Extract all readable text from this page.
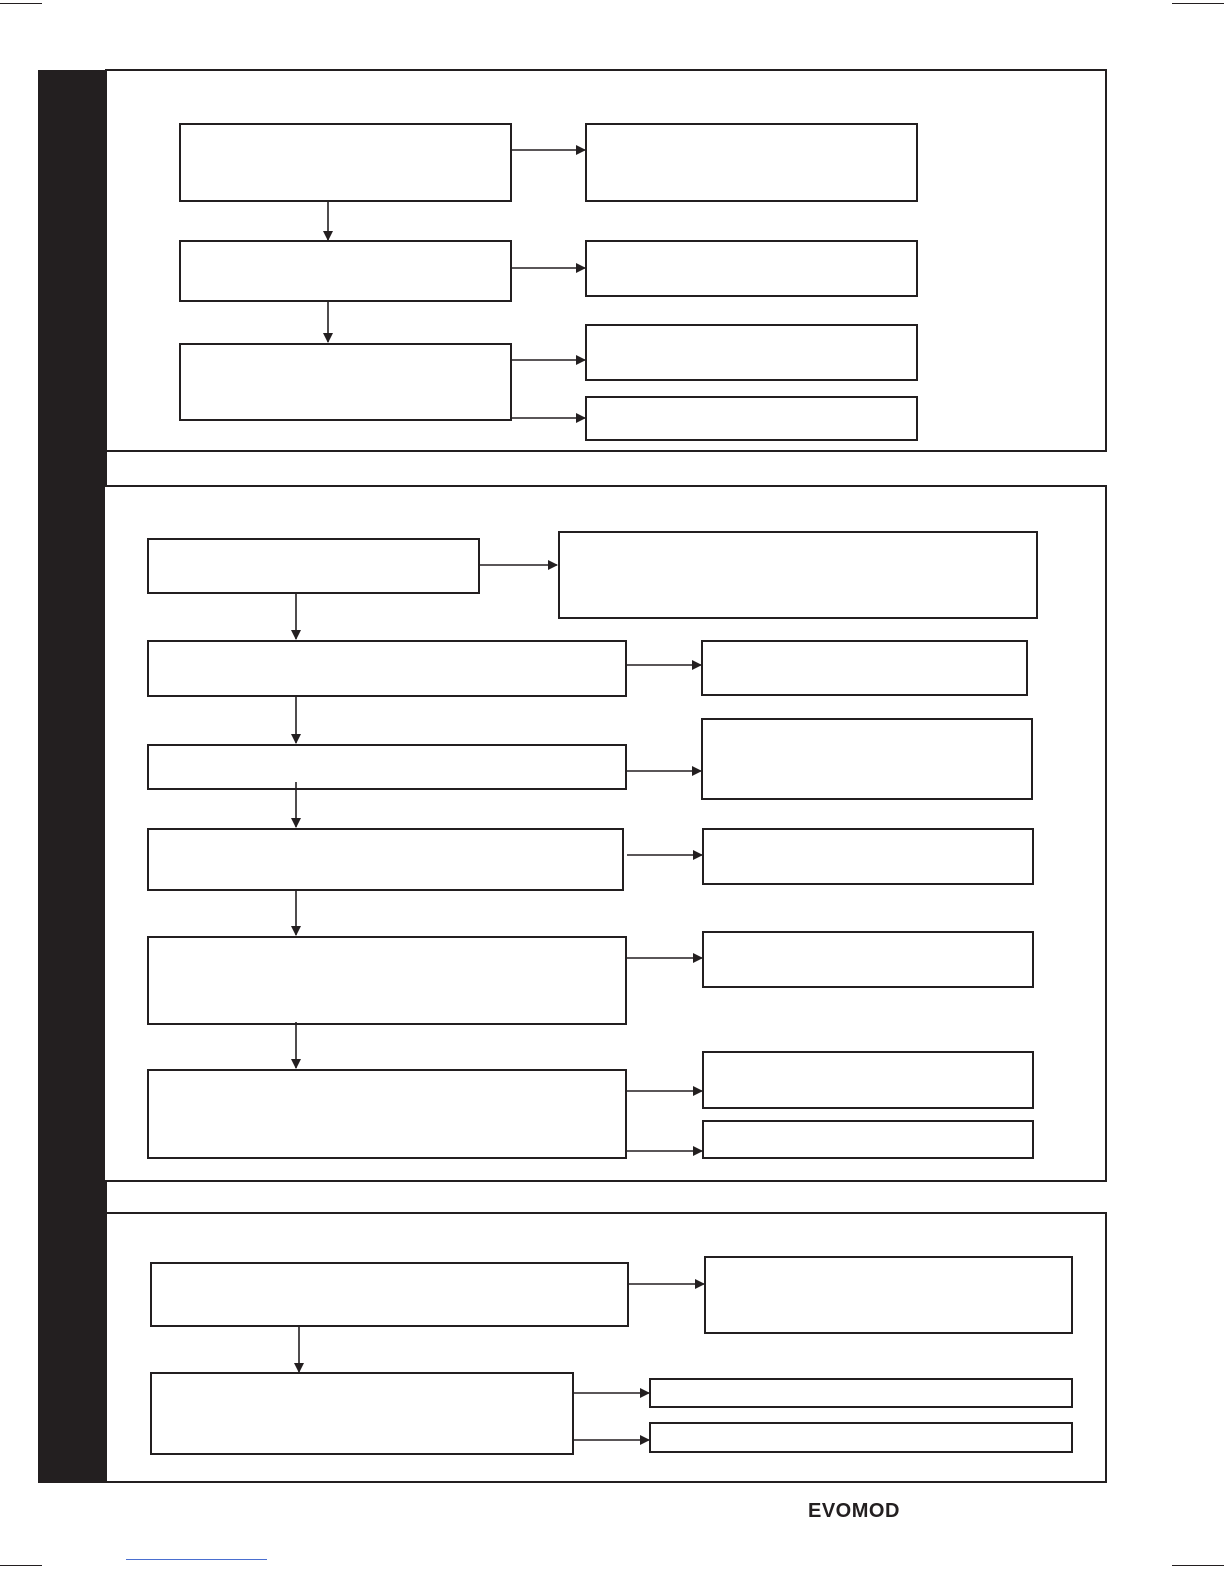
EVOMOD
